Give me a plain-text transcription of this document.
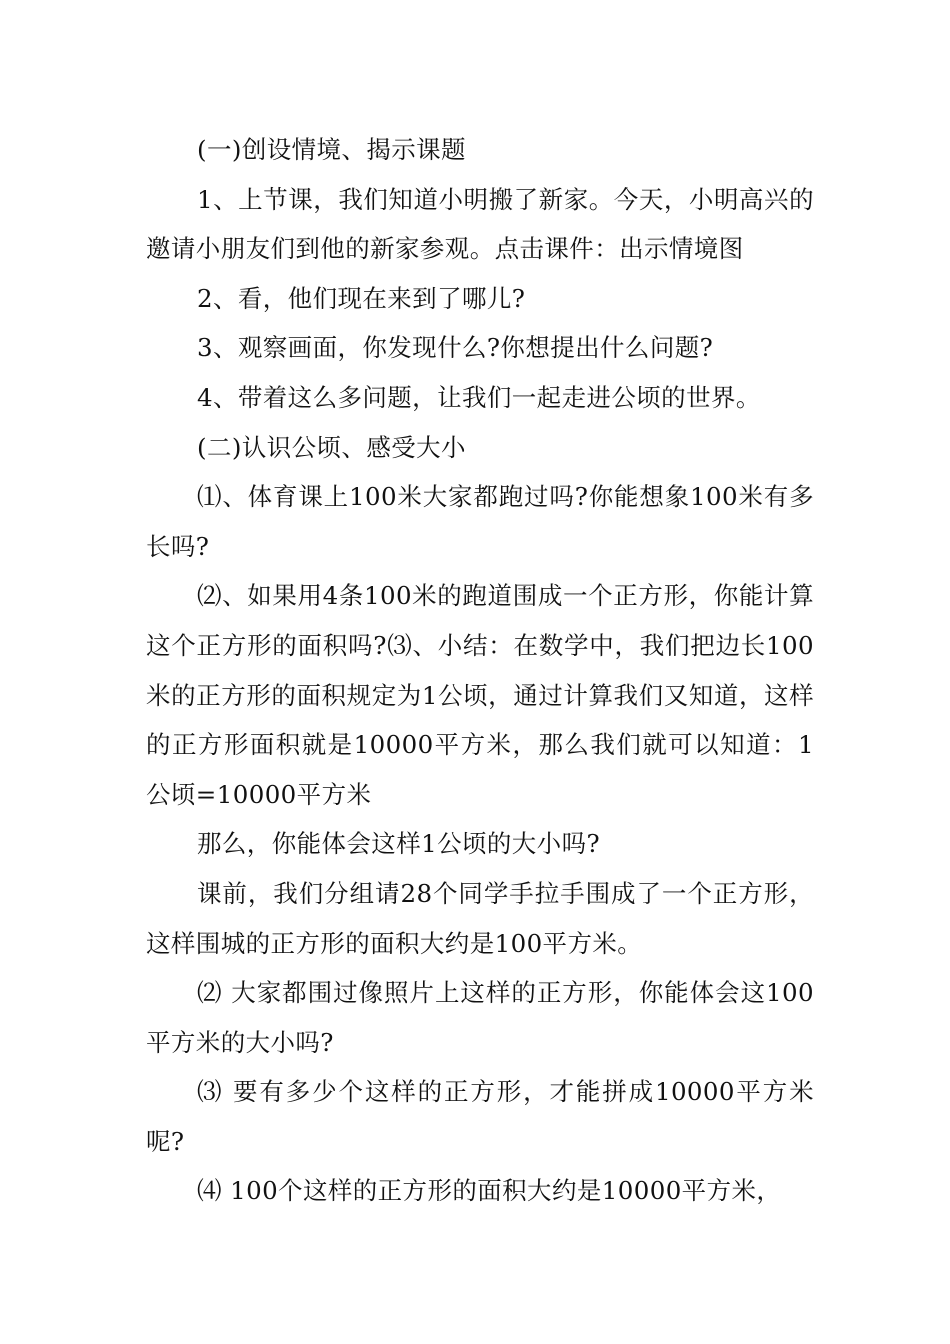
(一)创设情境、揭示课题

1、上节课，我们知道小明搬了新家。今天，小明高兴的邀请小朋友们到他的新家参观。点击课件：出示情境图

2、看，他们现在来到了哪儿?

3、观察画面，你发现什么?你想提出什么问题?

4、带着这么多问题，让我们一起走进公顷的世界。

(二)认识公顷、感受大小

⑴、体育课上100米大家都跑过吗?你能想象100米有多长吗?

⑵、如果用4条100米的跑道围成一个正方形，你能计算这个正方形的面积吗?⑶、小结：在数学中，我们把边长100米的正方形的面积规定为1公顷，通过计算我们又知道，这样的正方形面积就是10000平方米，那么我们就可以知道：1公顷=10000平方米

那么，你能体会这样1公顷的大小吗?

课前，我们分组请28个同学手拉手围成了一个正方形，这样围城的正方形的面积大约是100平方米。

⑵ 大家都围过像照片上这样的正方形，你能体会这100平方米的大小吗?

⑶ 要有多少个这样的正方形，才能拼成10000平方米呢?

⑷ 100个这样的正方形的面积大约是10000平方米，
